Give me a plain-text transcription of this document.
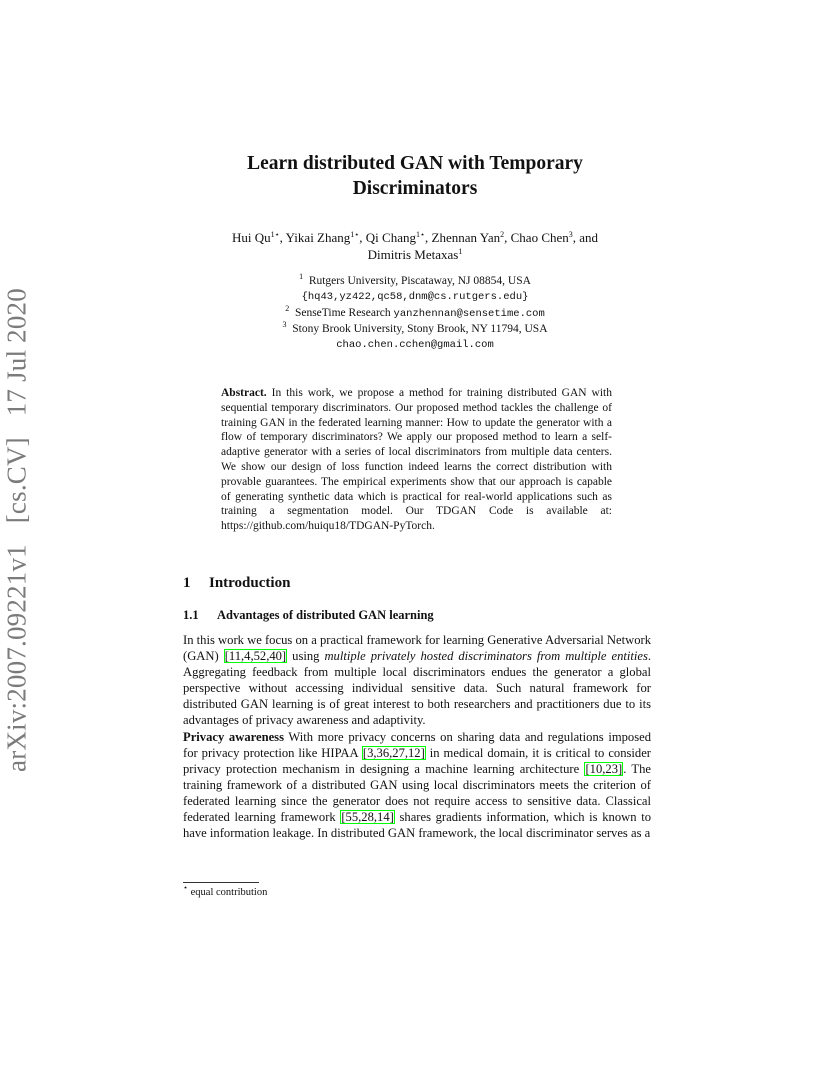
arXiv:2007.09221v1   [cs.CV]   17 Jul 2020
Learn distributed GAN with Temporary
Discriminators
Hui $Qu^{1⋆}$, Yikai Zhang$^{1⋆}$, Qi Chang$^{1⋆}$, Zhennan Yan$^2$, Chao Chen$^3$, and
Dimitris Metaxas$^1$
$^1$ Rutgers University, Piscataway, NJ 08854, USA
{hq43,yz422,qc58,dnm@cs.rutgers.edu}
$^2$ SenseTime Research yanzhennan@sensetime.com
$^3$ Stony Brook University, Stony Brook, NY 11794, USA
chao.chen.cchen@gmail.com
Abstract. In this work, we propose a method for training distributed GAN with sequential temporary discriminators. Our proposed method tackles the challenge of training GAN in the federated learning manner: How to update the generator with a flow of temporary discriminators? We apply our proposed method to learn a self-adaptive generator with a series of local discriminators from multiple data centers. We show our design of loss function indeed learns the correct distribution with provable guarantees. The empirical experiments show that our approach is capable of generating synthetic data which is practical for real-world applications such as training a segmentation model. Our TDGAN Code is available at: https://github.com/huiqu18/TDGAN-PyTorch.
1 Introduction
1.1 Advantages of distributed GAN learning

In this work we focus on a practical framework for learning Generative Adversarial Network (GAN) [11,4,52,40] using multiple privately hosted discriminators from multiple entities. Aggregating feedback from multiple local discriminators endues the generator a global perspective without accessing individual sensitive data. Such natural framework for distributed GAN learning is of great interest to both researchers and practitioners due to its advantages of privacy awareness and adaptivity.

Privacy awareness With more privacy concerns on sharing data and regulations imposed for privacy protection like HIPAA [3,36,27,12] in medical domain, it is critical to consider privacy protection mechanism in designing a machine learning architecture [10,23]. The training framework of a distributed GAN using local discriminators meets the criterion of federated learning since the generator does not require access to sensitive data. Classical federated learning framework [55,28,14] shares gradients information, which is known to have information leakage. In distributed GAN framework, the local discriminator serves as a

⋆ equal contribution
